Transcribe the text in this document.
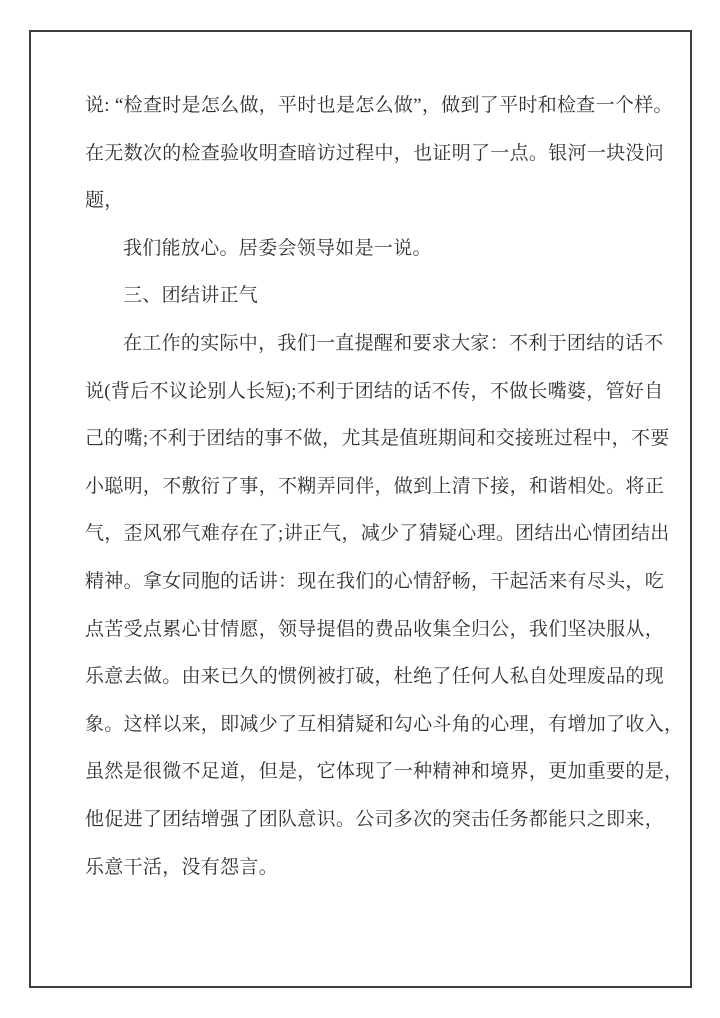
说: “检查时是怎么做，平时也是怎么做”，做到了平时和检查一个样。
在无数次的检查验收明查暗访过程中，也证明了一点。银河一块没问
题，
我们能放心。居委会领导如是一说。
三、团结讲正气
在工作的实际中，我们一直提醒和要求大家：不利于团结的话不
说(背后不议论别人长短);不利于团结的话不传，不做长嘴婆，管好自
己的嘴;不利于团结的事不做，尤其是值班期间和交接班过程中，不要
小聪明，不敷衍了事，不糊弄同伴，做到上清下接，和谐相处。将正
气，歪风邪气难存在了;讲正气，减少了猜疑心理。团结出心情团结出
精神。拿女同胞的话讲：现在我们的心情舒畅，干起活来有尽头，吃
点苦受点累心甘情愿，领导提倡的费品收集全归公，我们坚决服从，
乐意去做。由来已久的惯例被打破，杜绝了任何人私自处理废品的现
象。这样以来，即减少了互相猜疑和勾心斗角的心理，有增加了收入，
虽然是很微不足道，但是，它体现了一种精神和境界，更加重要的是，
他促进了团结增强了团队意识。公司多次的突击任务都能只之即来，
乐意干活，没有怨言。
